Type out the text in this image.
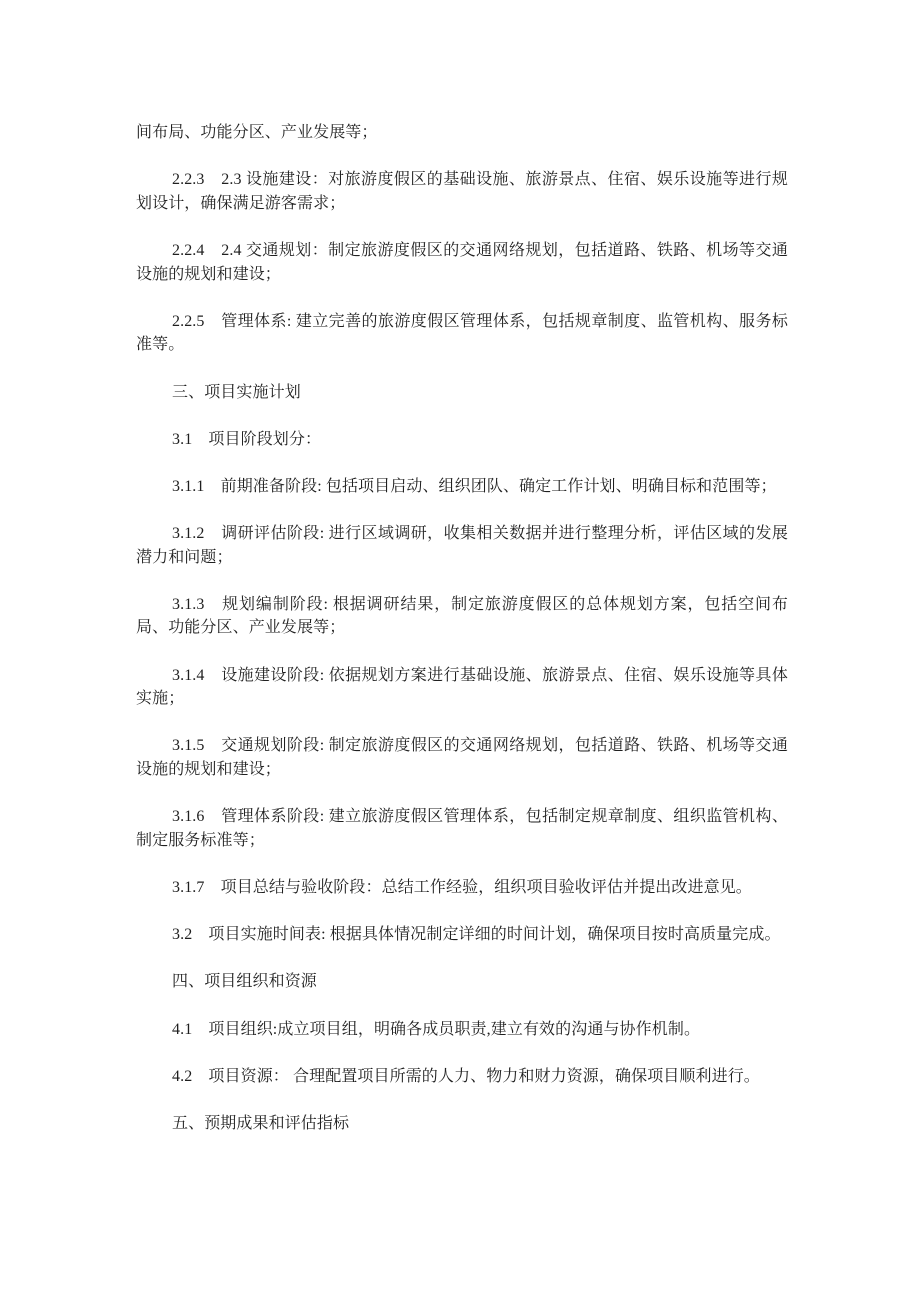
间布局、功能分区、产业发展等；

2.2.3　2.3 设施建设：对旅游度假区的基础设施、旅游景点、住宿、娱乐设施等进行规划设计，确保满足游客需求；

2.2.4　2.4 交通规划：制定旅游度假区的交通网络规划，包括道路、铁路、机场等交通设施的规划和建设；

2.2.5　管理体系: 建立完善的旅游度假区管理体系，包括规章制度、监管机构、服务标准等。

三、项目实施计划

3.1　项目阶段划分：

3.1.1　前期准备阶段: 包括项目启动、组织团队、确定工作计划、明确目标和范围等；

3.1.2　调研评估阶段: 进行区域调研，收集相关数据并进行整理分析，评估区域的发展潜力和问题；

3.1.3　规划编制阶段: 根据调研结果，制定旅游度假区的总体规划方案，包括空间布局、功能分区、产业发展等；

3.1.4　设施建设阶段: 依据规划方案进行基础设施、旅游景点、住宿、娱乐设施等具体实施；

3.1.5　交通规划阶段: 制定旅游度假区的交通网络规划，包括道路、铁路、机场等交通设施的规划和建设；

3.1.6　管理体系阶段: 建立旅游度假区管理体系，包括制定规章制度、组织监管机构、制定服务标准等；

3.1.7　项目总结与验收阶段：总结工作经验，组织项目验收评估并提出改进意见。

3.2　项目实施时间表: 根据具体情况制定详细的时间计划，确保项目按时高质量完成。

四、项目组织和资源

4.1　项目组织:成立项目组，明确各成员职责,建立有效的沟通与协作机制。

4.2　项目资源： 合理配置项目所需的人力、物力和财力资源，确保项目顺利进行。

五、预期成果和评估指标
